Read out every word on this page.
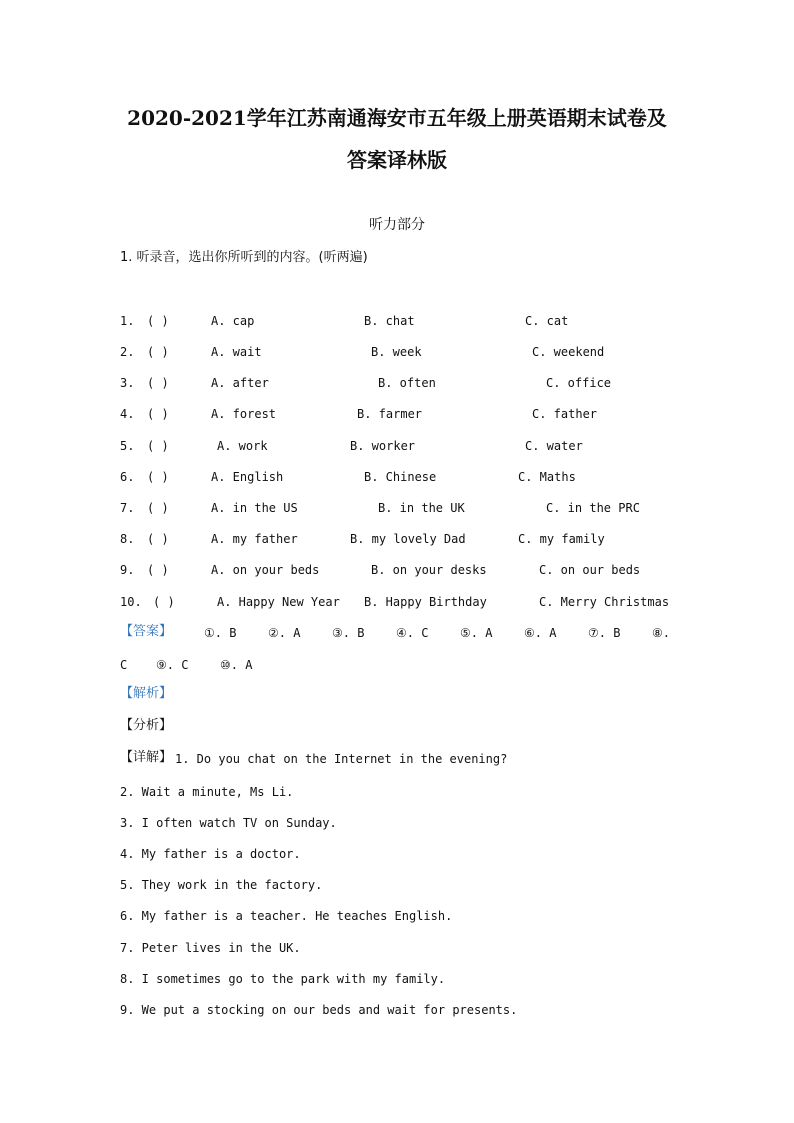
2020-2021学年江苏南通海安市五年级上册英语期末试卷及
答案译林版
听力部分
1. 听录音，选出你所听到的内容。(听两遍)
1. ( )	A. cap	B. chat	C. cat
2. ( )	A. wait	B. week	C. weekend
3. ( )	A. after	B. often	C. office
4. ( )	A. forest	B. farmer	C. father
5. ( )	A. work	B. worker	C. water
6. ( )	A. English	B. Chinese	C. Maths
7. ( )	A. in the US	B. in the UK	C. in the PRC
8. ( )	A. my father	B. my lovely Dad	C. my family
9. ( )	A. on your beds	B. on your desks	C. on our beds
10. ( )	A. Happy New Year B. Happy Birthday	C. Merry Christmas
【答案】	①. B	②. A	③. B	④. C	⑤. A	⑥. A	⑦. B	⑧.
C ⑨. C	⑩. A
【解析】
【分析】
【详解】 1. Do you chat on the Internet in the evening?
2. Wait a minute, Ms Li.
3. I often watch TV on Sunday.
4. My father is a doctor.
5. They work in the factory.
6. My father is a teacher. He teaches English.
7. Peter lives in the UK.
8. I sometimes go to the park with my family.
9. We put a stocking on our beds and wait for presents.
